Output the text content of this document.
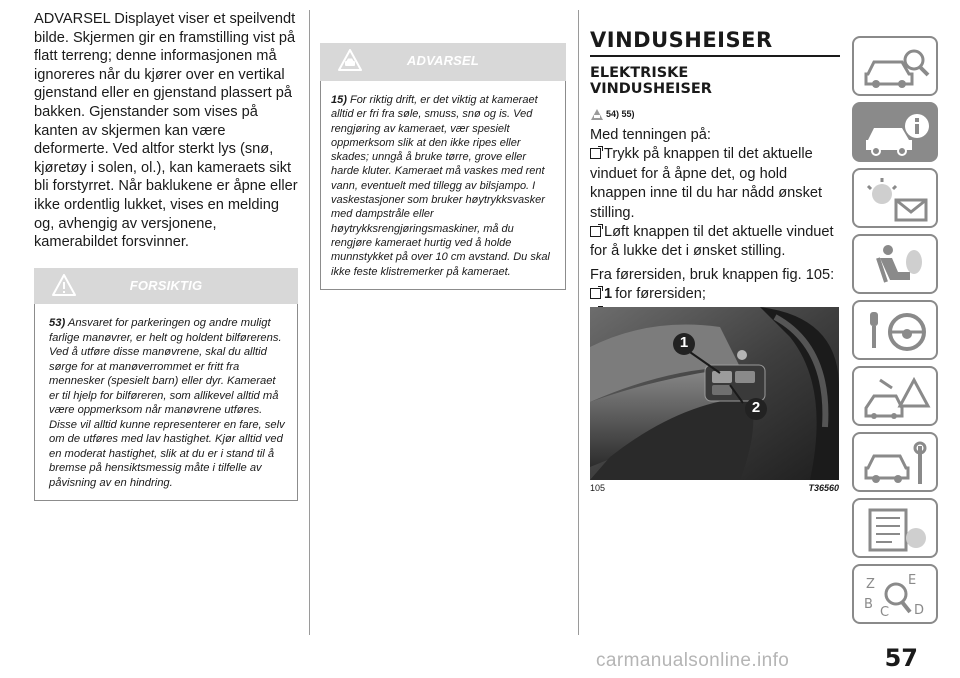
ADVARSEL Displayet viser et speilvendt bilde. Skjermen gir en framstilling vist på flatt terreng; denne informasjonen må ignoreres når du kjører over en vertikal gjenstand eller en gjenstand plassert på bakken. Gjenstander som vises på kanten av skjermen kan være deformerte. Ved altfor sterkt lys (snø, kjøretøy i solen, ol.), kan kameraets sikt bli forstyrret. Når baklukene er åpne eller ikke ordentlig lukket, vises en melding og, avhengig av versjonene, kamerabildet forsvinner.

FORSIKTIG
53) Ansvaret for parkeringen og andre muligt farlige manøvrer, er helt og holdent bilførerens. Ved å utføre disse manøvrene, skal du alltid sørge for at manøverrommet er fritt fra mennesker (spesielt barn) eller dyr. Kameraet er til hjelp for bilføreren, som allikevel alltid må være oppmerksom når manøvrene utføres. Disse vil alltid kunne representerer en fare, selv om de utføres med lav hastighet. Kjør alltid ved en moderat hastighet, slik at du er i stand til å bremse på hensiktsmessig måte i tilfelle av påvisning av en hindring.
ADVARSEL
15) For riktig drift, er det viktig at kameraet alltid er fri fra søle, smuss, snø og is. Ved rengjøring av kameraet, vær spesielt oppmerksom slik at den ikke ripes eller skades; unngå å bruke tørre, grove eller harde kluter. Kameraet må vaskes med rent vann, eventuelt med tillegg av bilsjampo. I vaskestasjoner som bruker høytrykksvasker med dampstråle eller høytrykksrengjøringsmaskiner, må du rengjøre kameraet hurtig ved å holde munnstykket på over 10 cm avstand. Du skal ikke feste klistremerker på kameraet.
VINDUSHEISER
ELEKTRISKE
VINDUSHEISER
54) 55)
Med tenningen på:
Trykk på knappen til det aktuelle
vinduet for å åpne det, og hold
knappen inne til du har nådd ønsket
stilling.
Løft knappen til det aktuelle vinduet
for å lukke det i ønsket stilling.
Fra førersiden, bruk knappen fig. 105:
1 for førersiden;
1
2
105	T36560
Z	E
B
C D
57
carmanualsonline.info
